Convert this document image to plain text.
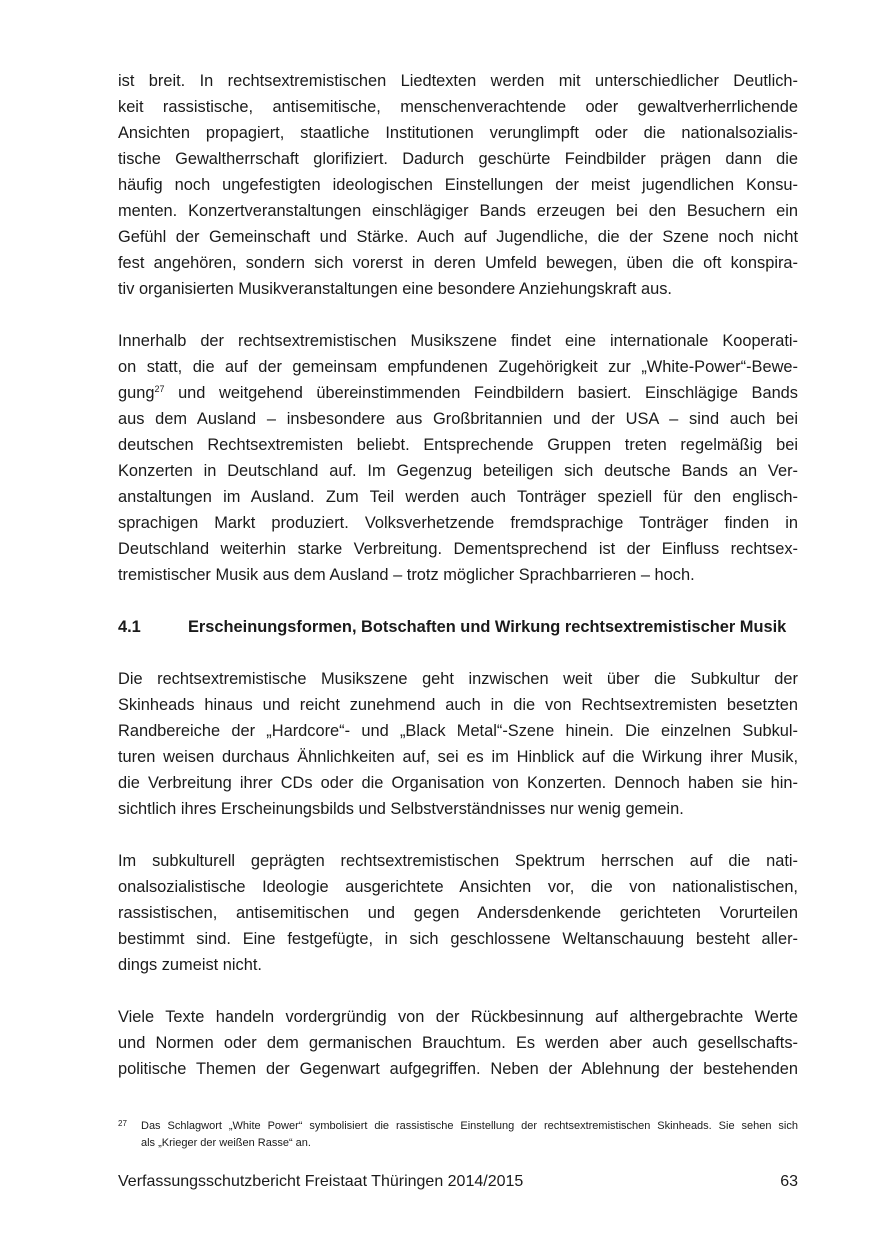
ist breit. In rechtsextremistischen Liedtexten werden mit unterschiedlicher Deutlich-
keit rassistische, antisemitische, menschenverachtende oder gewaltverherrlichende
Ansichten propagiert, staatliche Institutionen verunglimpft oder die nationalsozialis-
tische Gewaltherrschaft glorifiziert. Dadurch geschürte Feindbilder prägen dann die
häufig noch ungefestigten ideologischen Einstellungen der meist jugendlichen Konsu-
menten. Konzertveranstaltungen einschlägiger Bands erzeugen bei den Besuchern ein
Gefühl der Gemeinschaft und Stärke. Auch auf Jugendliche, die der Szene noch nicht
fest angehören, sondern sich vorerst in deren Umfeld bewegen, üben die oft konspira-
tiv organisierten Musikveranstaltungen eine besondere Anziehungskraft aus.
Innerhalb der rechtsextremistischen Musikszene findet eine internationale Kooperati-
on statt, die auf der gemeinsam empfundenen Zugehörigkeit zur „White-Power“-Bewe-
gung$^{27}$ und weitgehend übereinstimmenden Feindbildern basiert. Einschlägige Bands
aus dem Ausland – insbesondere aus Großbritannien und der USA – sind auch bei
deutschen Rechtsextremisten beliebt. Entsprechende Gruppen treten regelmäßig bei
Konzerten in Deutschland auf. Im Gegenzug beteiligen sich deutsche Bands an Ver-
anstaltungen im Ausland. Zum Teil werden auch Tonträger speziell für den englisch-
sprachigen Markt produziert. Volksverhetzende fremdsprachige Tonträger finden in
Deutschland weiterhin starke Verbreitung. Dementsprechend ist der Einfluss rechtsex-
tremistischer Musik aus dem Ausland – trotz möglicher Sprachbarrieren – hoch.
4.1	Erscheinungsformen, Botschaften und Wirkung rechtsextremistischer Musik
Die rechtsextremistische Musikszene geht inzwischen weit über die Subkultur der
Skinheads hinaus und reicht zunehmend auch in die von Rechtsextremisten besetzten
Randbereiche der „Hardcore“- und „Black Metal“-Szene hinein. Die einzelnen Subkul-
turen weisen durchaus Ähnlichkeiten auf, sei es im Hinblick auf die Wirkung ihrer Musik,
die Verbreitung ihrer CDs oder die Organisation von Konzerten. Dennoch haben sie hin-
sichtlich ihres Erscheinungsbilds und Selbstverständnisses nur wenig gemein.
Im subkulturell geprägten rechtsextremistischen Spektrum herrschen auf die nati-
onalsozialistische Ideologie ausgerichtete Ansichten vor, die von nationalistischen,
rassistischen, antisemitischen und gegen Andersdenkende gerichteten Vorurteilen
bestimmt sind. Eine festgefügte, in sich geschlossene Weltanschauung besteht aller-
dings zumeist nicht.
Viele Texte handeln vordergründig von der Rückbesinnung auf althergebrachte Werte
und Normen oder dem germanischen Brauchtum. Es werden aber auch gesellschafts-
politische Themen der Gegenwart aufgegriffen. Neben der Ablehnung der bestehenden
27	Das Schlagwort „White Power“ symbolisiert die rassistische Einstellung der rechtsextremistischen Skinheads. Sie sehen sich
als „Krieger der weißen Rasse“ an.
Verfassungsschutzbericht Freistaat Thüringen 2014/2015	63
